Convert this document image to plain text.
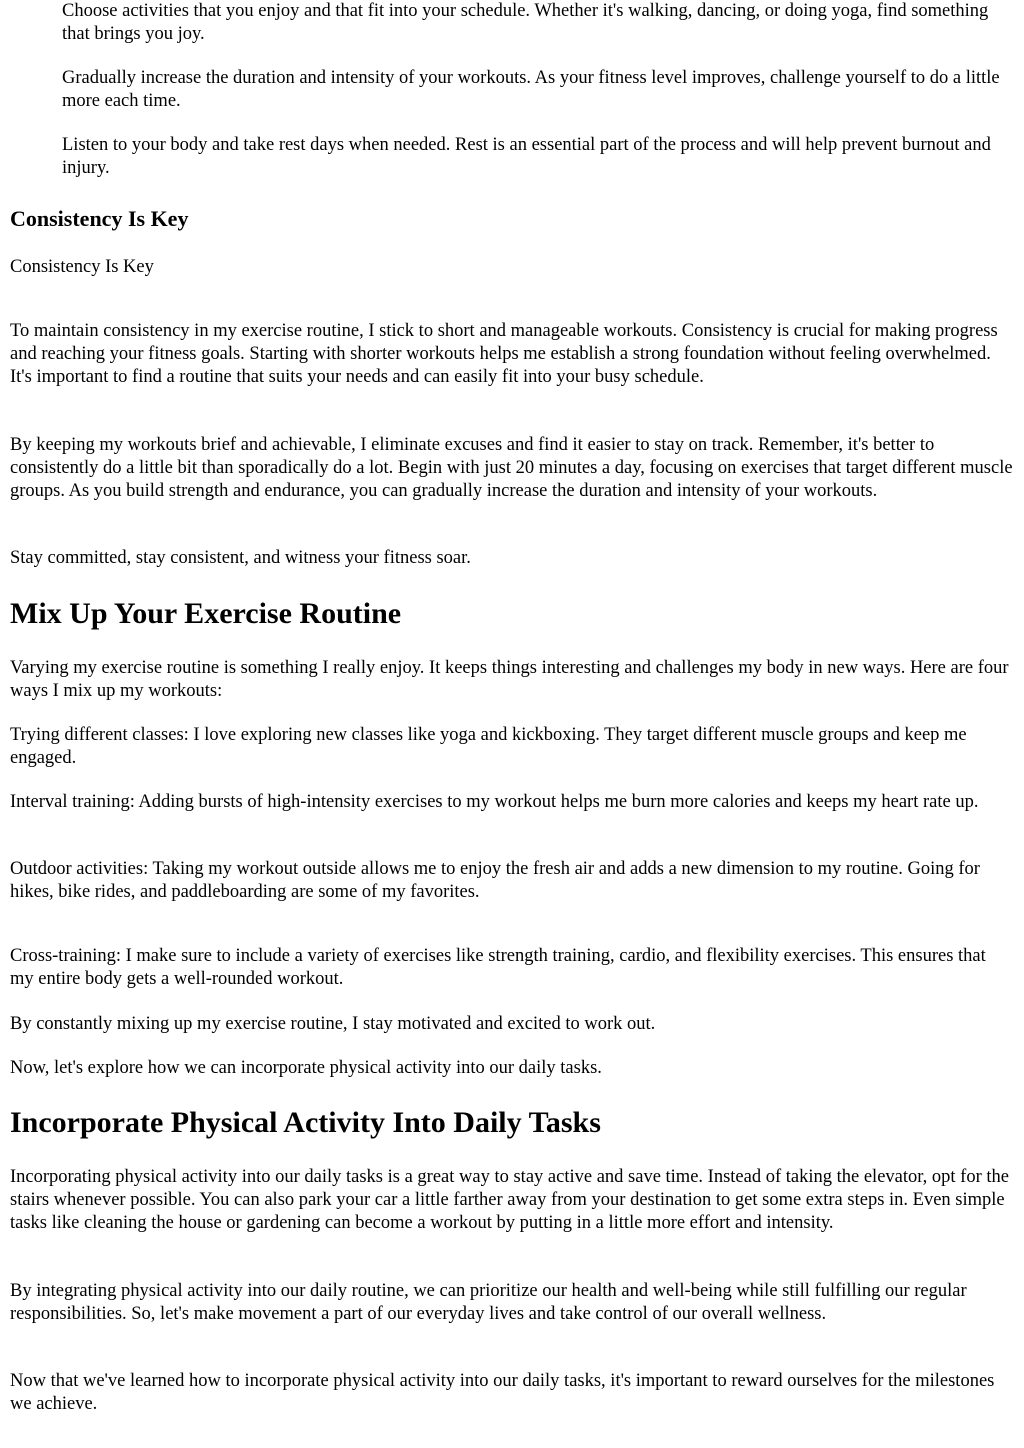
Choose activities that you enjoy and that fit into your schedule. Whether it's walking, dancing, or doing yoga, find something that brings you joy.

Gradually increase the duration and intensity of your workouts. As your fitness level improves, challenge yourself to do a little more each time.

Listen to your body and take rest days when needed. Rest is an essential part of the process and will help prevent burnout and injury.

Consistency Is Key

Consistency Is Key

To maintain consistency in my exercise routine, I stick to short and manageable workouts. Consistency is crucial for making progress and reaching your fitness goals. Starting with shorter workouts helps me establish a strong foundation without feeling overwhelmed. It's important to find a routine that suits your needs and can easily fit into your busy schedule.

By keeping my workouts brief and achievable, I eliminate excuses and find it easier to stay on track. Remember, it's better to consistently do a little bit than sporadically do a lot. Begin with just 20 minutes a day, focusing on exercises that target different muscle groups. As you build strength and endurance, you can gradually increase the duration and intensity of your workouts.

Stay committed, stay consistent, and witness your fitness soar.

Mix Up Your Exercise Routine

Varying my exercise routine is something I really enjoy. It keeps things interesting and challenges my body in new ways. Here are four ways I mix up my workouts:

Trying different classes: I love exploring new classes like yoga and kickboxing. They target different muscle groups and keep me engaged.

Interval training: Adding bursts of high-intensity exercises to my workout helps me burn more calories and keeps my heart rate up.

Outdoor activities: Taking my workout outside allows me to enjoy the fresh air and adds a new dimension to my routine. Going for hikes, bike rides, and paddleboarding are some of my favorites.

Cross-training: I make sure to include a variety of exercises like strength training, cardio, and flexibility exercises. This ensures that my entire body gets a well-rounded workout.

By constantly mixing up my exercise routine, I stay motivated and excited to work out.

Now, let's explore how we can incorporate physical activity into our daily tasks.

Incorporate Physical Activity Into Daily Tasks

Incorporating physical activity into our daily tasks is a great way to stay active and save time. Instead of taking the elevator, opt for the stairs whenever possible. You can also park your car a little farther away from your destination to get some extra steps in. Even simple tasks like cleaning the house or gardening can become a workout by putting in a little more effort and intensity.

By integrating physical activity into our daily routine, we can prioritize our health and well-being while still fulfilling our regular responsibilities. So, let's make movement a part of our everyday lives and take control of our overall wellness.

Now that we've learned how to incorporate physical activity into our daily tasks, it's important to reward ourselves for the milestones we achieve.
